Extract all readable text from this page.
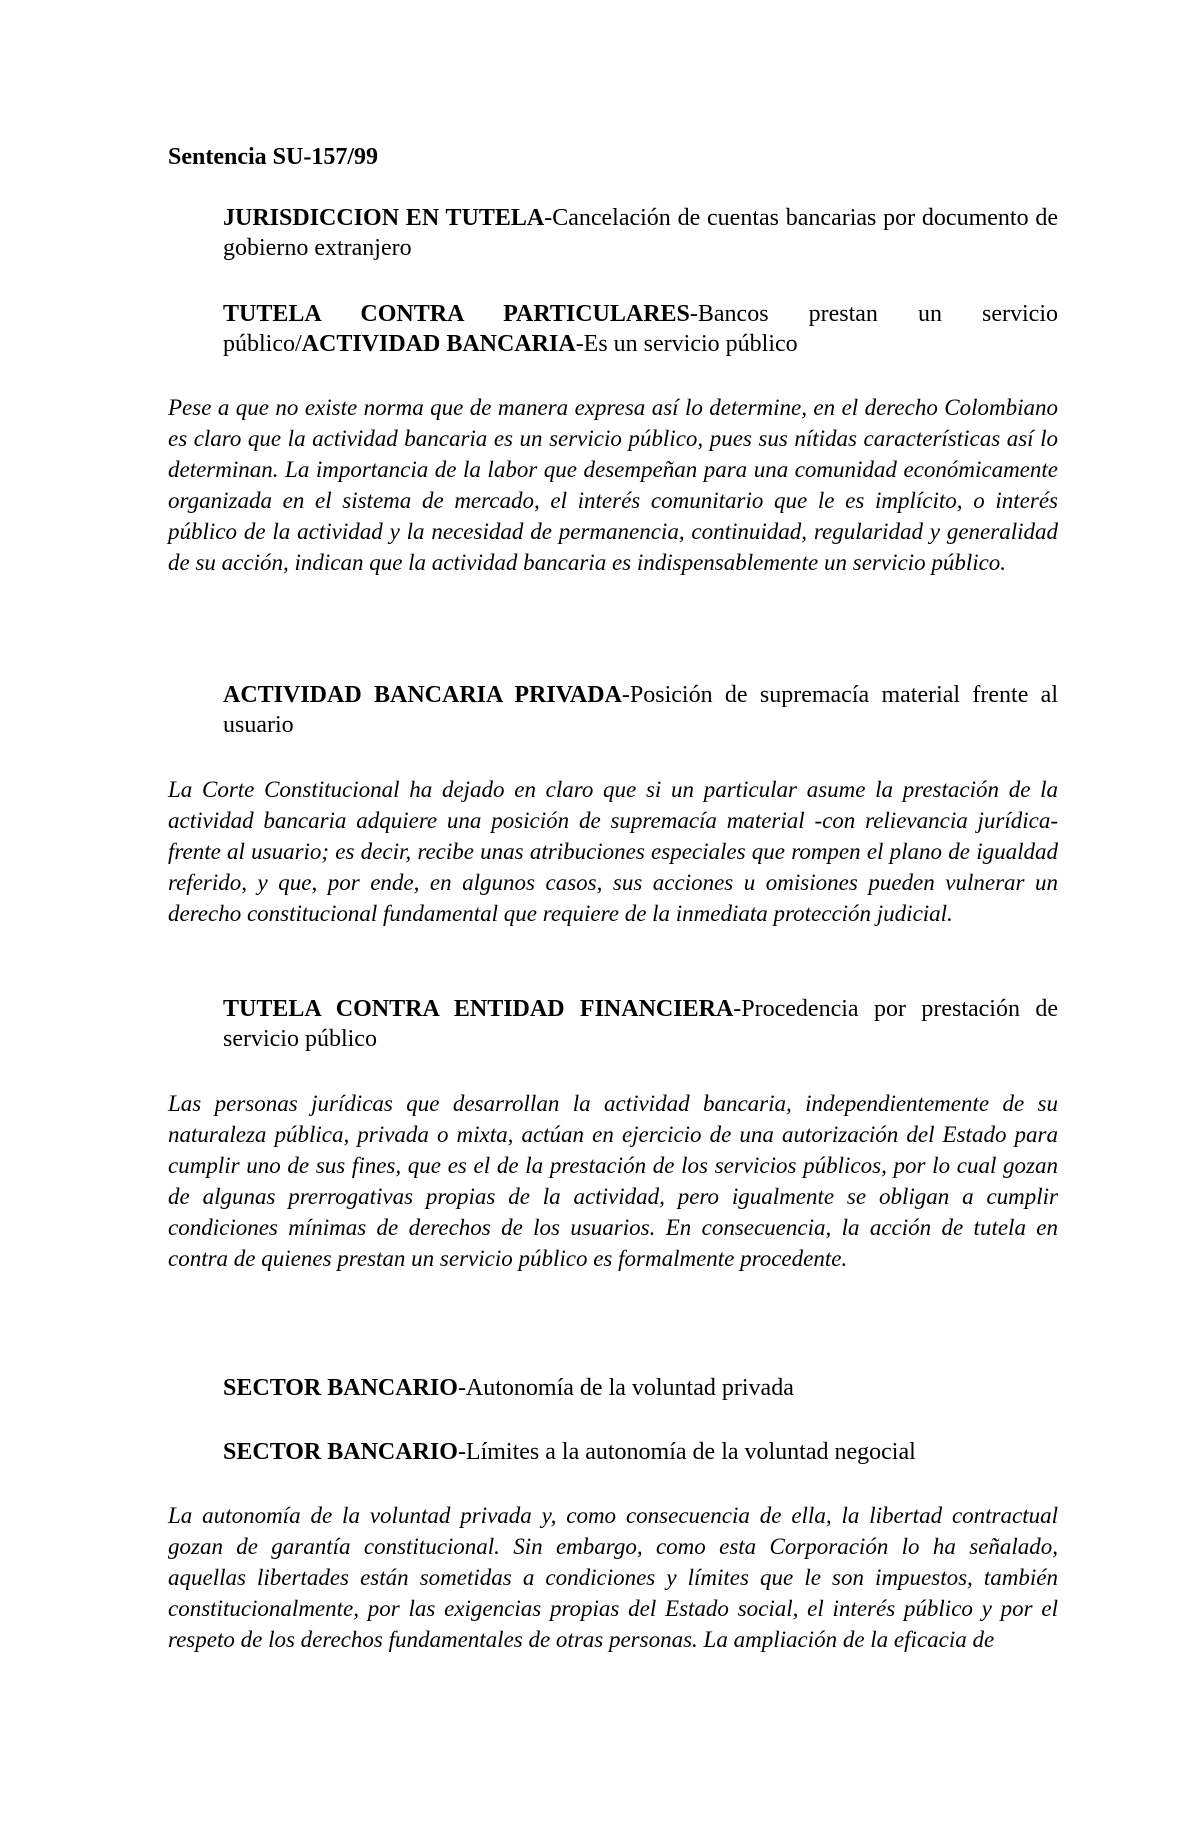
Sentencia SU-157/99

JURISDICCION EN TUTELA-Cancelación de cuentas bancarias por documento de gobierno extranjero

TUTELA CONTRA PARTICULARES-Bancos prestan un servicio público/ACTIVIDAD BANCARIA-Es un servicio público

Pese a que no existe norma que de manera expresa así lo determine, en el derecho Colombiano es claro que la actividad bancaria es un servicio público, pues sus nítidas características así lo determinan. La importancia de la labor que desempeñan para una comunidad económicamente organizada en el sistema de mercado, el interés comunitario que le es implícito, o interés público de la actividad y la necesidad de permanencia, continuidad, regularidad y generalidad de su acción, indican que la actividad bancaria es indispensablemente un servicio público.

ACTIVIDAD BANCARIA PRIVADA-Posición de supremacía material frente al usuario

La Corte Constitucional ha dejado en claro que si un particular asume la prestación de la actividad bancaria adquiere una posición de supremacía material -con relievancia jurídica- frente al usuario; es decir, recibe unas atribuciones especiales que rompen el plano de igualdad referido, y que, por ende, en algunos casos, sus acciones u omisiones pueden vulnerar un derecho constitucional fundamental que requiere de la inmediata protección judicial.

TUTELA CONTRA ENTIDAD FINANCIERA-Procedencia por prestación de servicio público

Las personas jurídicas que desarrollan la actividad bancaria, independientemente de su naturaleza pública, privada o mixta, actúan en ejercicio de una autorización del Estado para cumplir uno de sus fines, que es el de la prestación de los servicios públicos, por lo cual gozan de algunas prerrogativas propias de la actividad, pero igualmente se obligan a cumplir condiciones mínimas de derechos de los usuarios. En consecuencia, la acción de tutela en contra de quienes prestan un servicio público es formalmente procedente.

SECTOR BANCARIO-Autonomía de la voluntad privada

SECTOR BANCARIO-Límites a la autonomía de la voluntad negocial

La autonomía de la voluntad privada y, como consecuencia de ella, la libertad contractual gozan de garantía constitucional. Sin embargo, como esta Corporación lo ha señalado, aquellas libertades están sometidas a condiciones y límites que le son impuestos, también constitucionalmente, por las exigencias propias del Estado social, el interés público y por el respeto de los derechos fundamentales de otras personas. La ampliación de la eficacia de
